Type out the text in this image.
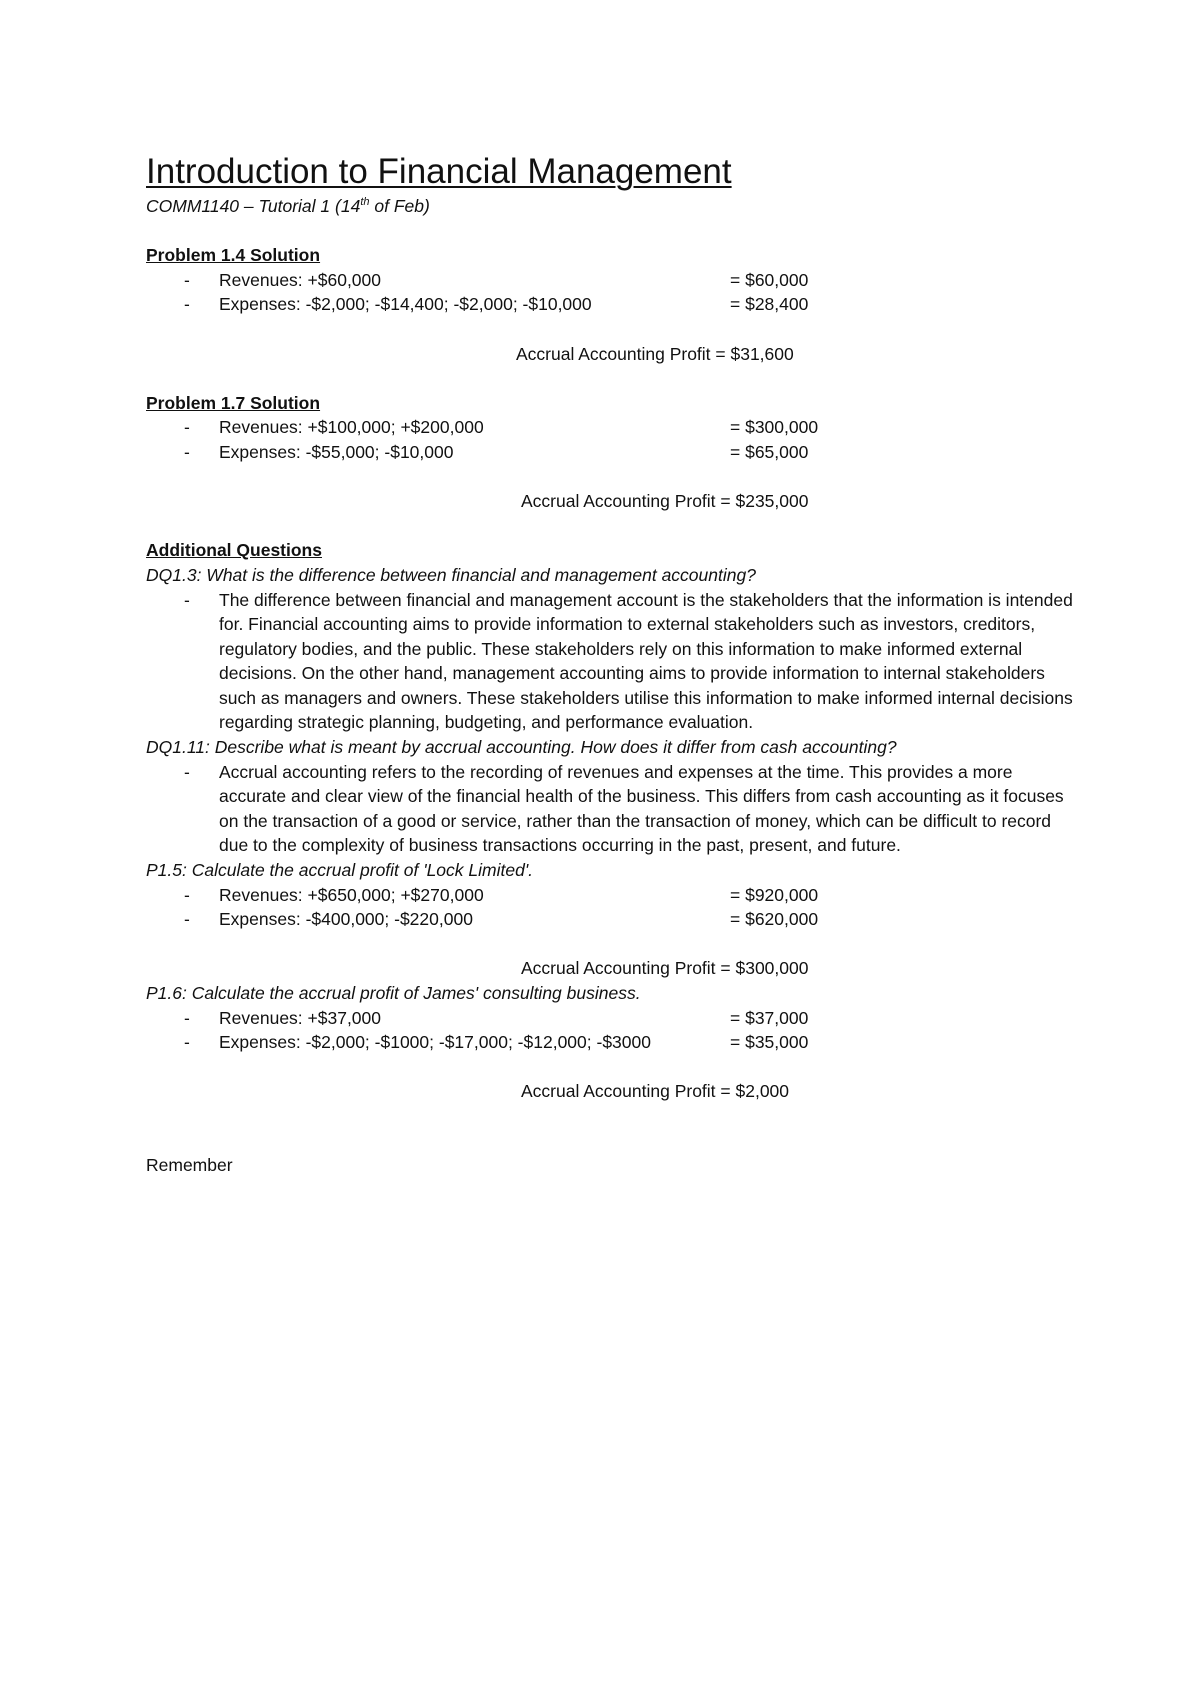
Introduction to Financial Management

COMM1140 – Tutorial 1 (14th of Feb)

Problem 1.4 Solution
- Revenues: +$60,000	= $60,000
- Expenses: -$2,000; -$14,400; -$2,000; -$10,000	= $28,400
Accrual Accounting Profit = $31,600
Problem 1.7 Solution
- Revenues: +$100,000; +$200,000	= $300,000
- Expenses: -$55,000; -$10,000	= $65,000
Accrual Accounting Profit = $235,000
Additional Questions
DQ1.3: What is the difference between financial and management accounting?
- The difference between financial and management account is the stakeholders that the information is intended for. Financial accounting aims to provide information to external stakeholders such as investors, creditors, regulatory bodies, and the public. These stakeholders rely on this information to make informed external decisions. On the other hand, management accounting aims to provide information to internal stakeholders such as managers and owners. These stakeholders utilise this information to make informed internal decisions regarding strategic planning, budgeting, and performance evaluation.
DQ1.11: Describe what is meant by accrual accounting. How does it differ from cash accounting?
- Accrual accounting refers to the recording of revenues and expenses at the time. This provides a more accurate and clear view of the financial health of the business. This differs from cash accounting as it focuses on the transaction of a good or service, rather than the transaction of money, which can be difficult to record due to the complexity of business transactions occurring in the past, present, and future.
P1.5: Calculate the accrual profit of 'Lock Limited'.
- Revenues: +$650,000; +$270,000	= $920,000
- Expenses: -$400,000; -$220,000	= $620,000
Accrual Accounting Profit = $300,000
P1.6: Calculate the accrual profit of James' consulting business.
- Revenues: +$37,000	= $37,000
- Expenses: -$2,000; -$1000; -$17,000; -$12,000; -$3000	= $35,000
Accrual Accounting Profit = $2,000
Remember
